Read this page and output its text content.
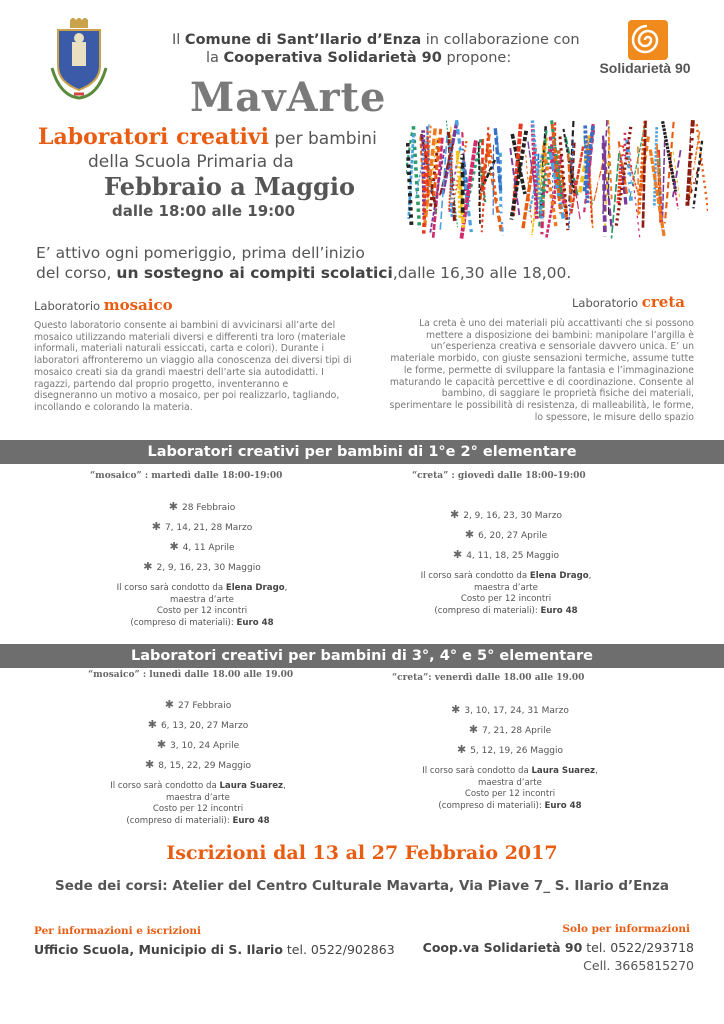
Il Comune di Sant’Ilario d’Enza in collaborazione con
la Cooperativa Solidarietà 90 propone:
Solidarietà 90
MavArte
Laboratori creativi per bambini
della Scuola Primaria da
Febbraio a Maggio
dalle 18:00 alle 19:00
E’ attivo ogni pomeriggio, prima dell’inizio
del corso, un sostegno ai compiti scolatici,dalle 16,30 alle 18,00.
Laboratorio mosaico	Laboratorio creta
Questo laboratorio consente ai bambini di avvicinarsi all’arte del mosaico utilizzando materiali diversi e differenti tra loro (materiale informali, materiali naturali essiccati, carta e colori). Durante i laboratori affronteremo un viaggio alla conoscenza dei diversi tipi di mosaico creati sia da grandi maestri dell’arte sia autodidatti. I ragazzi, partendo dal proprio progetto, inventeranno e disegneranno un motivo a mosaico, per poi realizzarlo, tagliando, incollando e colorando la materia.
La creta è uno dei materiali più accattivanti che si possono mettere a disposizione dei bambini: manipolare l’argilla è un’esperienza creativa e sensoriale davvero unica. E’ un materiale morbido, con giuste sensazioni termiche, assume tutte le forme, permette di sviluppare la fantasia e l’immaginazione maturando le capacità percettive e di coordinazione. Consente al bambino, di saggiare le proprietà fisiche dei materiali, sperimentare le possibilità di resistenza, di malleabilità, le forme, lo spessore, le misure dello spazio
Laboratori creativi per bambini di 1°e 2° elementare
“mosaico” : martedì dalle 18:00-19:00	“creta” : giovedì dalle 18:00-19:00
✱ 28 Febbraio
✱ 7, 14, 21, 28 Marzo
✱ 4, 11 Aprile
✱ 2, 9, 16, 23, 30 Maggio
Il corso sarà condotto da Elena Drago,
maestra d’arte
Costo per 12 incontri
(compreso di materiali): Euro 48
✱ 2, 9, 16, 23, 30 Marzo
✱ 6, 20, 27 Aprile
✱ 4, 11, 18, 25 Maggio
Il corso sarà condotto da Elena Drago,
maestra d’arte
Costo per 12 incontri
(compreso di materiali): Euro 48
Laboratori creativi per bambini di 3°, 4° e 5° elementare
“mosaico” : lunedì dalle 18.00 alle 19.00	“creta”: venerdì dalle 18.00 alle 19.00
✱ 27 Febbraio
✱ 6, 13, 20, 27 Marzo
✱ 3, 10, 24 Aprile
✱ 8, 15, 22, 29 Maggio
Il corso sarà condotto da Laura Suarez,
maestra d’arte
Costo per 12 incontri
(compreso di materiali): Euro 48
✱ 3, 10, 17, 24, 31 Marzo
✱ 7, 21, 28 Aprile
✱ 5, 12, 19, 26 Maggio
Il corso sarà condotto da Laura Suarez,
maestra d’arte
Costo per 12 incontri
(compreso di materiali): Euro 48
Iscrizioni dal 13 al 27 Febbraio 2017
Sede dei corsi: Atelier del Centro Culturale Mavarta, Via Piave 7_ S. Ilario d’Enza
Per informazioni e iscrizioni
Ufficio Scuola, Municipio di S. Ilario tel. 0522/902863
Solo per informazioni
Coop.va Solidarietà 90 tel. 0522/293718
Cell. 3665815270
